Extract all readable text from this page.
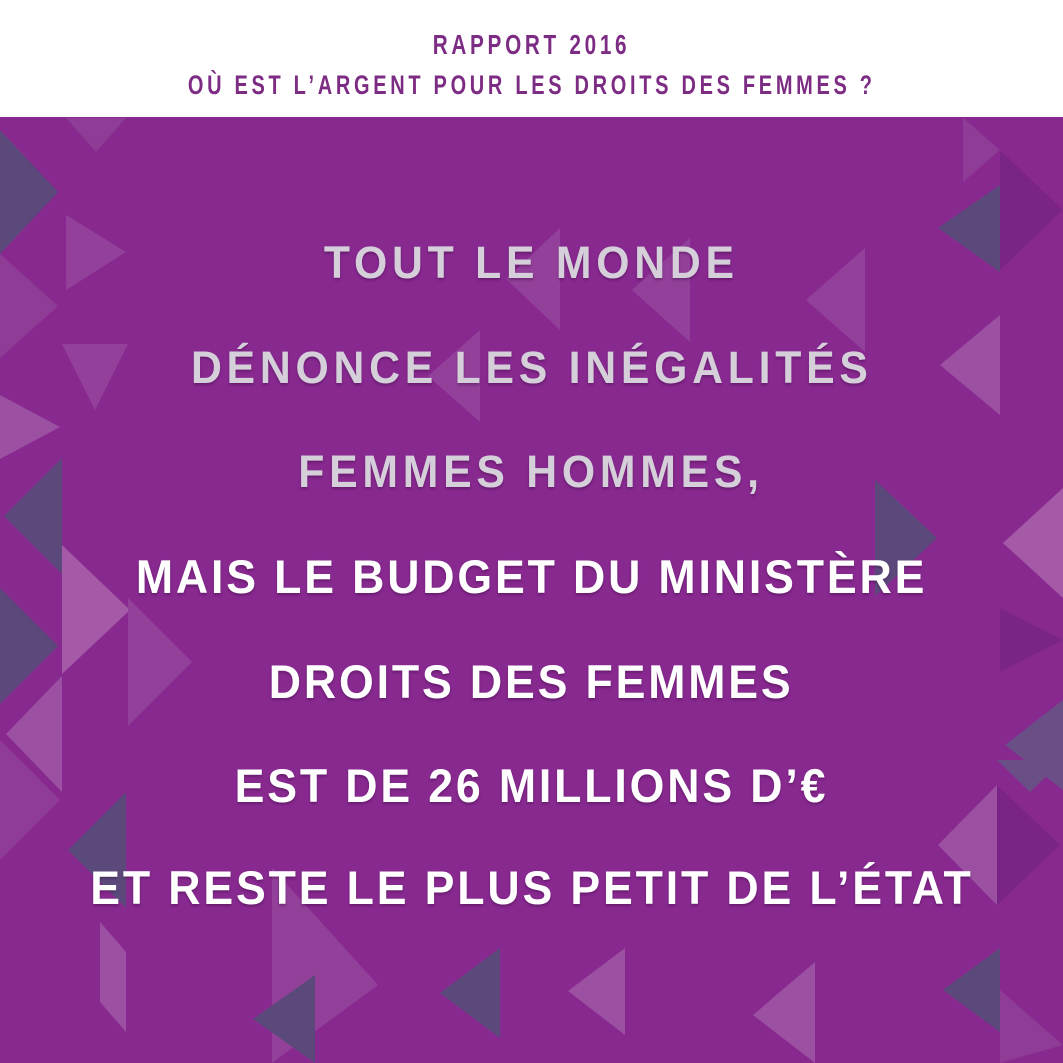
RAPPORT 2016
OÙ EST L’ARGENT POUR LES DROITS DES FEMMES ?
TOUT LE MONDE
DÉNONCE LES INÉGALITÉS
FEMMES HOMMES,
MAIS LE BUDGET DU MINISTÈRE
DROITS DES FEMMES
EST DE 26 MILLIONS D’€
ET RESTE LE PLUS PETIT DE L’ÉTAT
